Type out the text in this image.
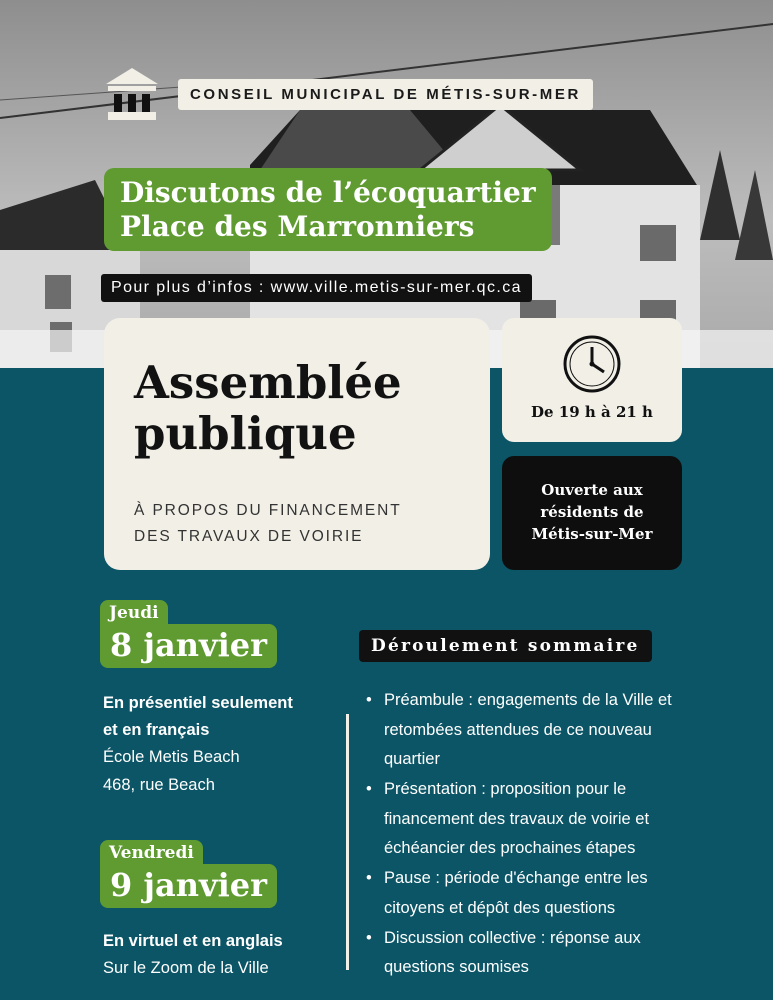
CONSEIL MUNICIPAL DE MÉTIS-SUR-MER
Discutons de l’écoquartier
Place des Marronniers
Pour plus d’infos : www.ville.metis-sur-mer.qc.ca
Assemblée
publique
À PROPOS DU FINANCEMENT
DES TRAVAUX DE VOIRIE
De 19 h à 21 h
Ouverte aux
résidents de
Métis-sur-Mer
Jeudi
8 janvier
En présentiel seulement
et en français
École Metis Beach
468, rue Beach
Vendredi
9 janvier
En virtuel et en anglais
Sur le Zoom de la Ville
Déroulement sommaire
• Préambule : engagements de la Ville et retombées attendues de ce nouveau quartier
• Présentation : proposition pour le financement des travaux de voirie et échéancier des prochaines étapes
• Pause : période d'échange entre les citoyens et dépôt des questions
• Discussion collective : réponse aux questions soumises
